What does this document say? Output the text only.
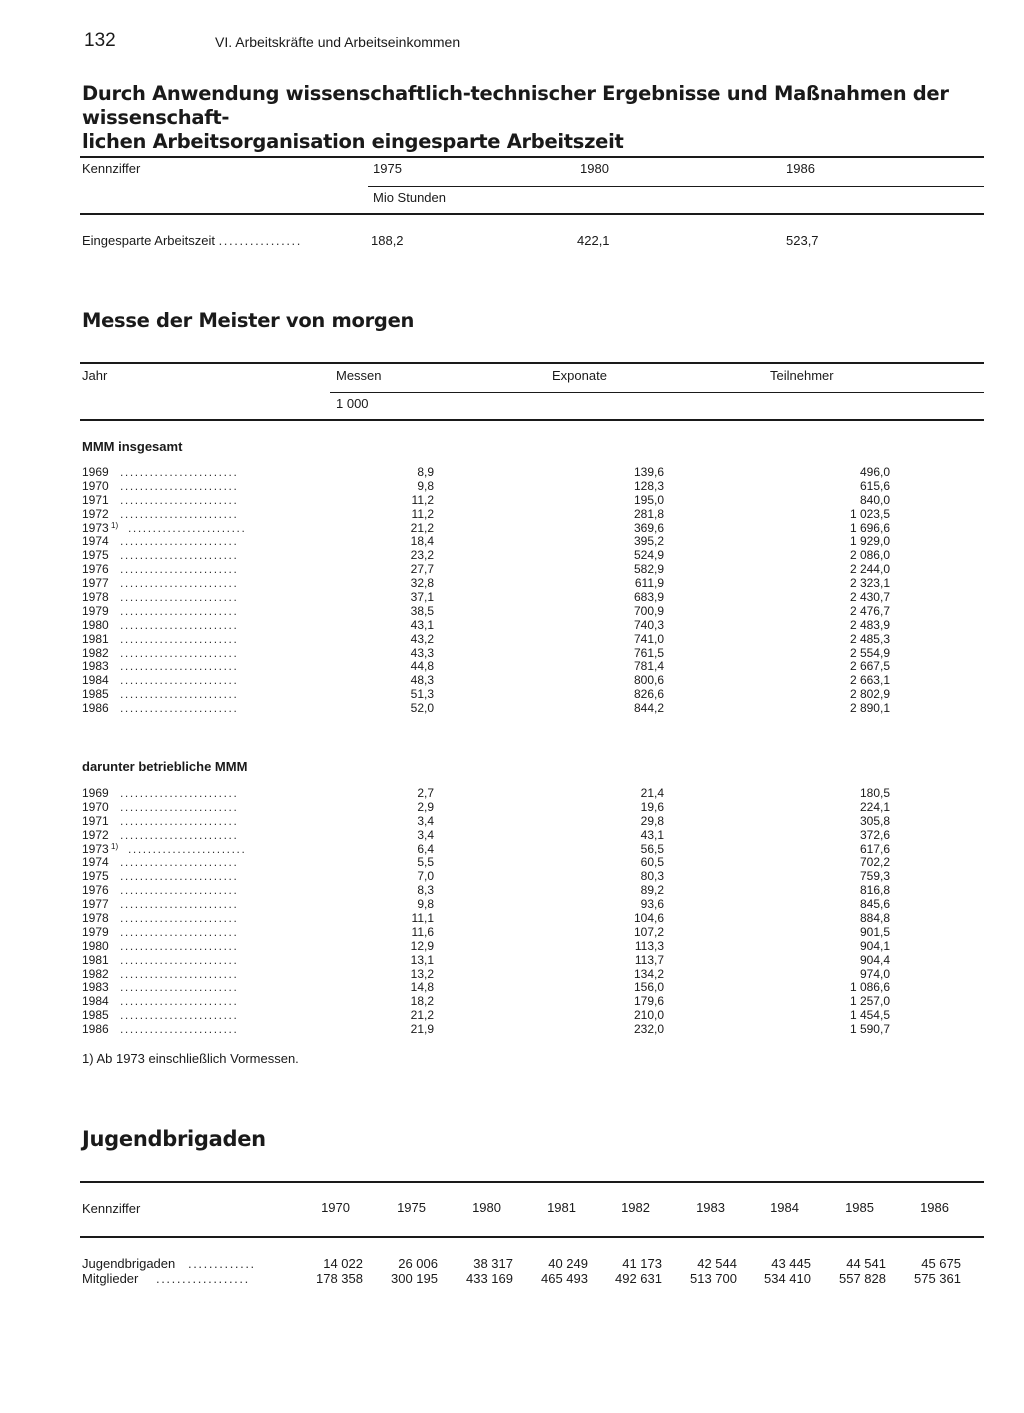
132	VI. Arbeitskräfte und Arbeitseinkommen
Durch Anwendung wissenschaftlich-technischer Ergebnisse und Maßnahmen der wissenschaft-
lichen Arbeitsorganisation eingesparte Arbeitszeit
Kennziffer	1975	1980	1986
Mio Stunden
Eingesparte Arbeitszeit ................	188,2	422,1	523,7
Messe der Meister von morgen
Jahr	Messen	Exponate	Teilnehmer
1 000
MMM insgesamt
1969 ........................	8,9	139,6	496,0
1970 ........................	9,8	128,3	615,6
1971 ........................	11,2	195,0	840,0
1972 ........................	11,2	281,8	1 023,5
1973 1) ........................	21,2	369,6	1 696,6
1974 ........................	18,4	395,2	1 929,0
1975 ........................	23,2	524,9	2 086,0
1976 ........................	27,7	582,9	2 244,0
1977 ........................	32,8	611,9	2 323,1
1978 ........................	37,1	683,9	2 430,7
1979 ........................	38,5	700,9	2 476,7
1980 ........................	43,1	740,3	2 483,9
1981 ........................	43,2	741,0	2 485,3
1982 ........................	43,3	761,5	2 554,9
1983 ........................	44,8	781,4	2 667,5
1984 ........................	48,3	800,6	2 663,1
1985 ........................	51,3	826,6	2 802,9
1986 ........................	52,0	844,2	2 890,1
darunter betriebliche MMM
1969 ........................	2,7	21,4	180,5
1970 ........................	2,9	19,6	224,1
1971 ........................	3,4	29,8	305,8
1972 ........................	3,4	43,1	372,6
1973 1) ........................	6,4	56,5	617,6
1974 ........................	5,5	60,5	702,2
1975 ........................	7,0	80,3	759,3
1976 ........................	8,3	89,2	816,8
1977 ........................	9,8	93,6	845,6
1978 ........................	11,1	104,6	884,8
1979 ........................	11,6	107,2	901,5
1980 ........................	12,9	113,3	904,1
1981 ........................	13,1	113,7	904,4
1982 ........................	13,2	134,2	974,0
1983 ........................	14,8	156,0	1 086,6
1984 ........................	18,2	179,6	1 257,0
1985 ........................	21,2	210,0	1 454,5
1986 ........................	21,9	232,0	1 590,7
1) Ab 1973 einschließlich Vormessen.
Jugendbrigaden
Kennziffer	1970	1975	1980	1981	1982	1983	1984	1985	1986
Jugendbrigaden .............	14 022	26 006	38 317	40 249	41 173	42 544	43 445	44 541	45 675
Mitglieder ..................	178 358	300 195	433 169	465 493	492 631	513 700	534 410	557 828	575 361
